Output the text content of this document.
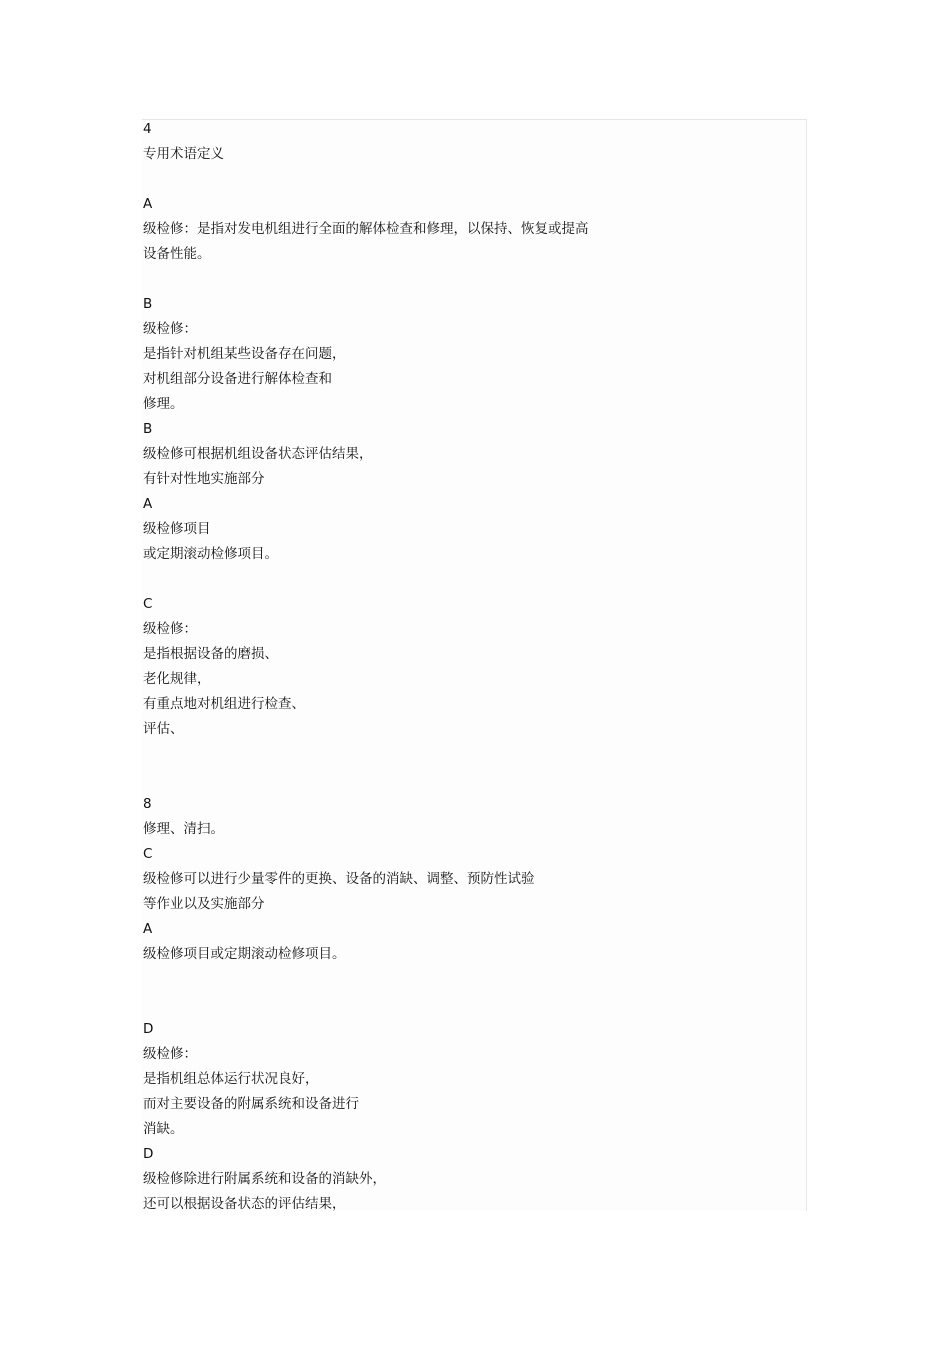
4
专用术语定义
A
级检修：是指对发电机组进行全面的解体检查和修理，以保持、恢复或提高
设备性能。
B
级检修：
是指针对机组某些设备存在问题，
对机组部分设备进行解体检查和
修理。
B
级检修可根据机组设备状态评估结果，
有针对性地实施部分
A
级检修项目
或定期滚动检修项目。
C
级检修：
是指根据设备的磨损、
老化规律，
有重点地对机组进行检查、
评估、
8
修理、清扫。
C
级检修可以进行少量零件的更换、设备的消缺、调整、预防性试验
等作业以及实施部分
A
级检修项目或定期滚动检修项目。
D
级检修：
是指机组总体运行状况良好，
而对主要设备的附属系统和设备进行
消缺。
D
级检修除进行附属系统和设备的消缺外，
还可以根据设备状态的评估结果，
